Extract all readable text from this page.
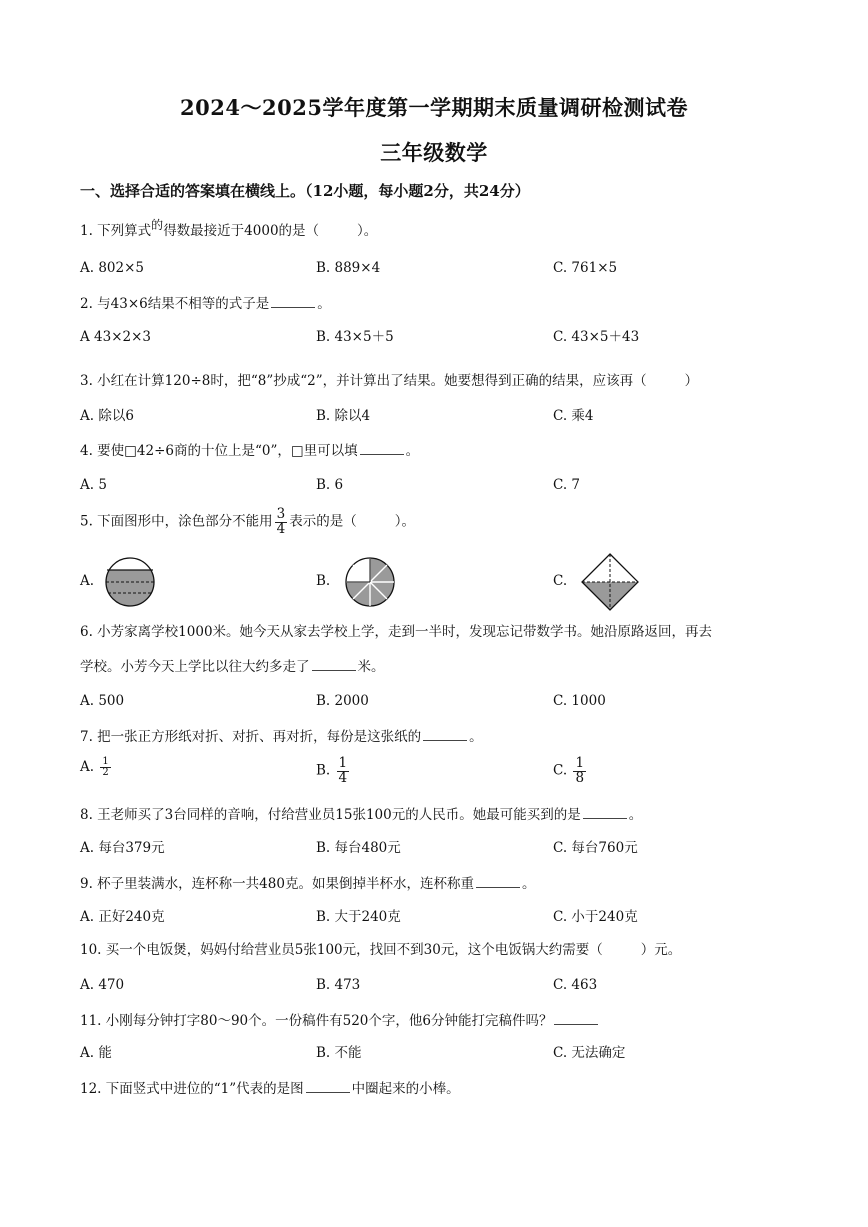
2024～2025学年度第一学期期末质量调研检测试卷
三年级数学
一、选择合适的答案填在横线上。（12小题，每小题2分，共24分）
1. 下列算式的得数最接近于4000的是（	）。
A. 802×5	B. 889×4	C. 761×5
2. 与43×6结果不相等的式子是	。
A 43×2×3	B. 43×5＋5	C. 43×5＋43
3. 小红在计算120÷8时，把“8”抄成“2”，并计算出了结果。她要想得到正确的结果，应该再（	）
A. 除以6	B. 除以4	C. 乘4
4. 要使□42÷6商的十位上是“0”，□里可以填	。
A. 5	B. 6	C. 7
5. 下面图形中，涂色部分不能用 $\frac{3}{4}$ 表示的是（	）。
A.	B.	C.
6. 小芳家离学校1000米。她今天从家去学校上学，走到一半时，发现忘记带数学书。她沿原路返回，再去
学校。小芳今天上学比以往大约多走了	米。
A. 500	B. 2000	C. 1000
7. 把一张正方形纸对折、对折、再对折，每份是这张纸的	。
A. $\frac{1}{2}$	B. $\frac{1}{4}$	C. $\frac{1}{8}$
8. 王老师买了3台同样的音响，付给营业员15张100元的人民币。她最可能买到的是	。
A. 每台379元	B. 每台480元	C. 每台760元
9. 杯子里装满水，连杯称一共480克。如果倒掉半杯水，连杯称重	。
A. 正好240克	B. 大于240克	C. 小于240克
10. 买一个电饭煲，妈妈付给营业员5张100元，找回不到30元，这个电饭锅大约需要（	）元。
A. 470	B. 473	C. 463
11. 小刚每分钟打字80～90个。一份稿件有520个字，他6分钟能打完稿件吗？
A. 能	B. 不能	C. 无法确定
12. 下面竖式中进位的“1”代表的是图	中圈起来的小棒。
